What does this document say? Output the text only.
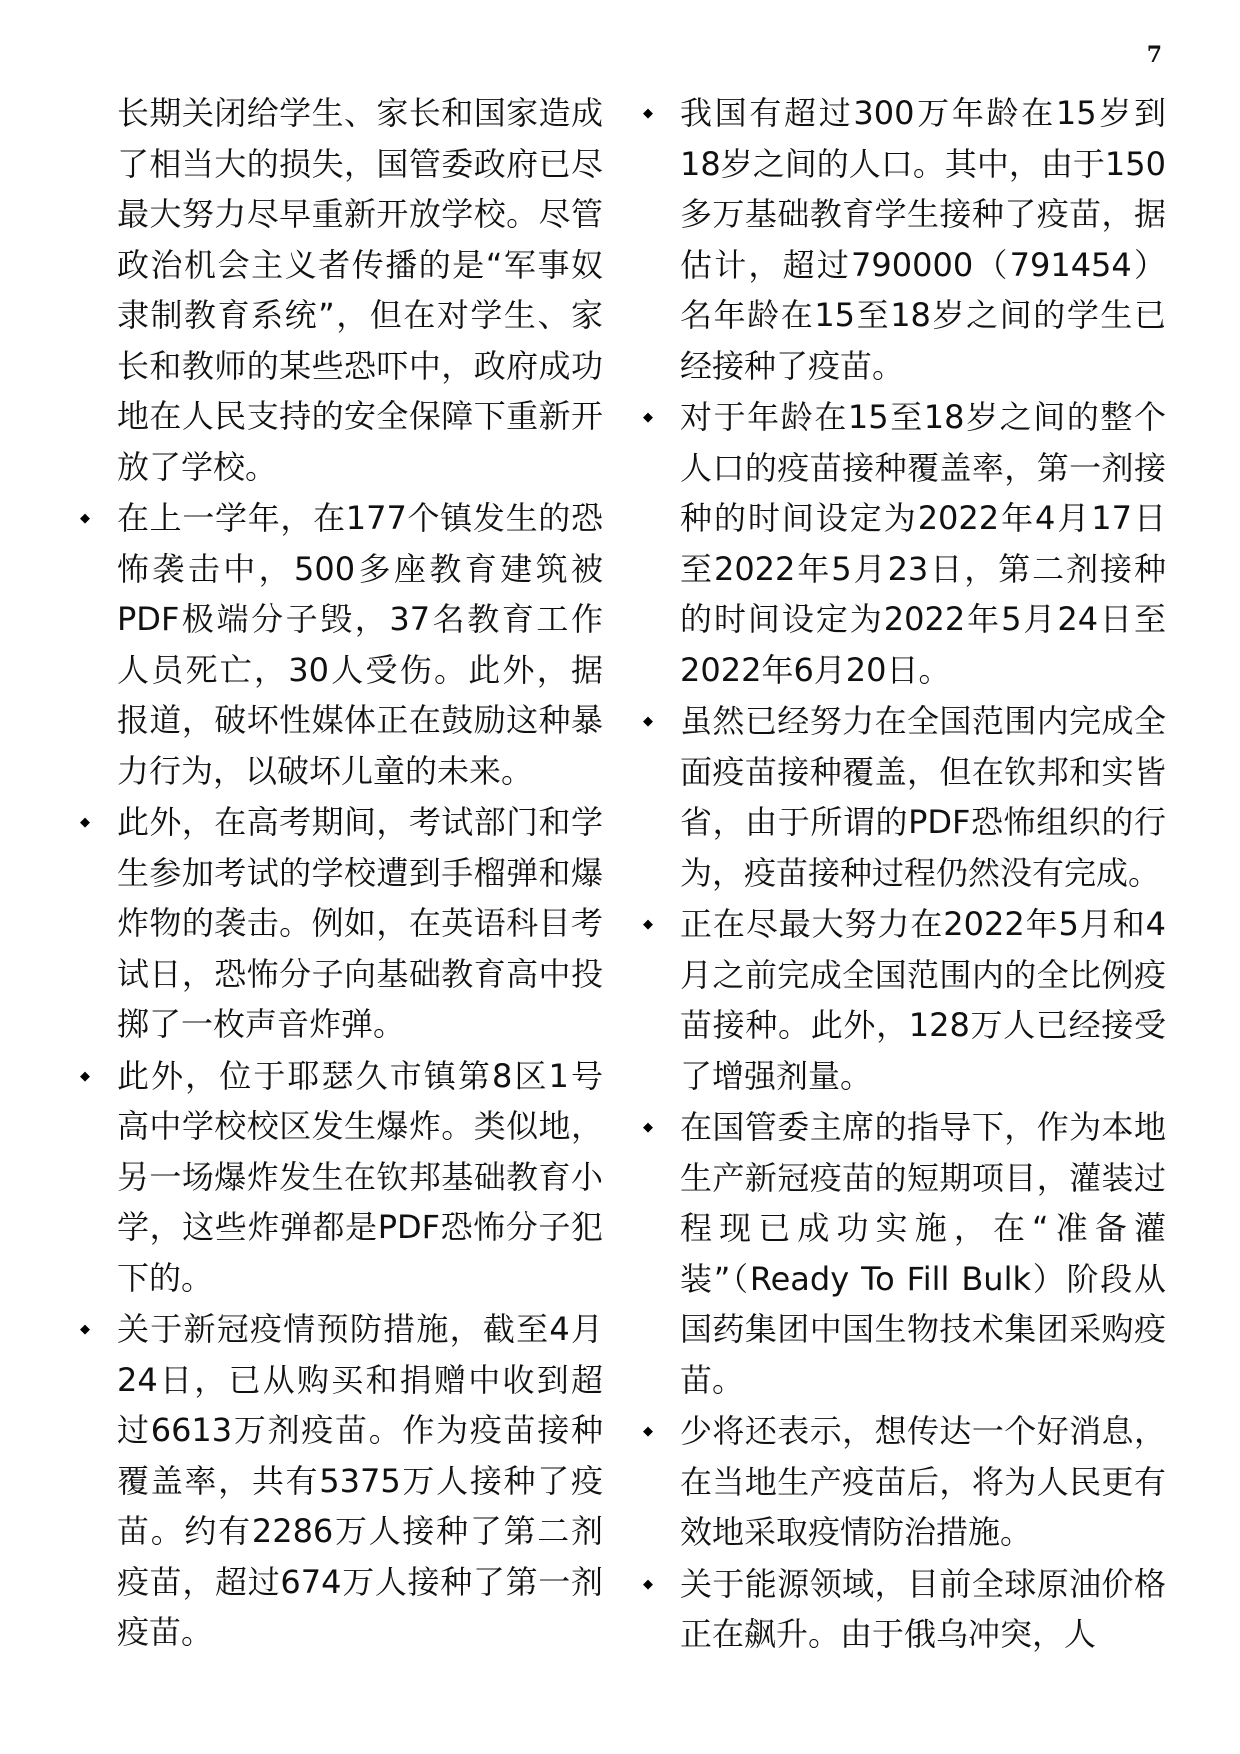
7

长期关闭给学生、家长和国家造成了相当大的损失，国管委政府已尽最大努力尽早重新开放学校。尽管政治机会主义者传播的是“军事奴隶制教育系统”，但在对学生、家长和教师的某些恐吓中，政府成功地在人民支持的安全保障下重新开放了学校。

◆
在上一学年，在177个镇发生的恐怖袭击中，500多座教育建筑被PDF极端分子毁，37名教育工作人员死亡，30人受伤。此外，据报道，破坏性媒体正在鼓励这种暴力行为，以破坏儿童的未来。

◆
此外，在高考期间，考试部门和学生参加考试的学校遭到手榴弹和爆炸物的袭击。例如，在英语科目考试日，恐怖分子向基础教育高中投掷了一枚声音炸弹。

◆
此外，位于耶瑟久市镇第8区1号高中学校校区发生爆炸。类似地，另一场爆炸发生在钦邦基础教育小学，这些炸弹都是PDF恐怖分子犯下的。

◆
关于新冠疫情预防措施，截至4月24日，已从购买和捐赠中收到超过6613万剂疫苗。作为疫苗接种覆盖率，共有5375万人接种了疫苗。约有2286万人接种了第二剂疫苗，超过674万人接种了第一剂疫苗。

◆
我国有超过300万年龄在15岁到18岁之间的人口。其中，由于150多万基础教育学生接种了疫苗，据估计，超过790000（791454）名年龄在15至18岁之间的学生已经接种了疫苗。

◆
对于年龄在15至18岁之间的整个人口的疫苗接种覆盖率，第一剂接种的时间设定为2022年4月17日至2022年5月23日，第二剂接种的时间设定为2022年5月24日至2022年6月20日。

◆
虽然已经努力在全国范围内完成全面疫苗接种覆盖，但在钦邦和实皆省，由于所谓的PDF恐怖组织的行为，疫苗接种过程仍然没有完成。

◆
正在尽最大努力在2022年5月和4月之前完成全国范围内的全比例疫苗接种。此外，128万人已经接受了增强剂量。

◆
在国管委主席的指导下，作为本地生产新冠疫苗的短期项目，灌装过程现已成功实施，在“准备灌装”（Ready To Fill Bulk）阶段从国药集团中国生物技术集团采购疫苗。

◆
少将还表示，想传达一个好消息，在当地生产疫苗后，将为人民更有效地采取疫情防治措施。

◆
关于能源领域，目前全球原油价格正在飙升。由于俄乌冲突，人
